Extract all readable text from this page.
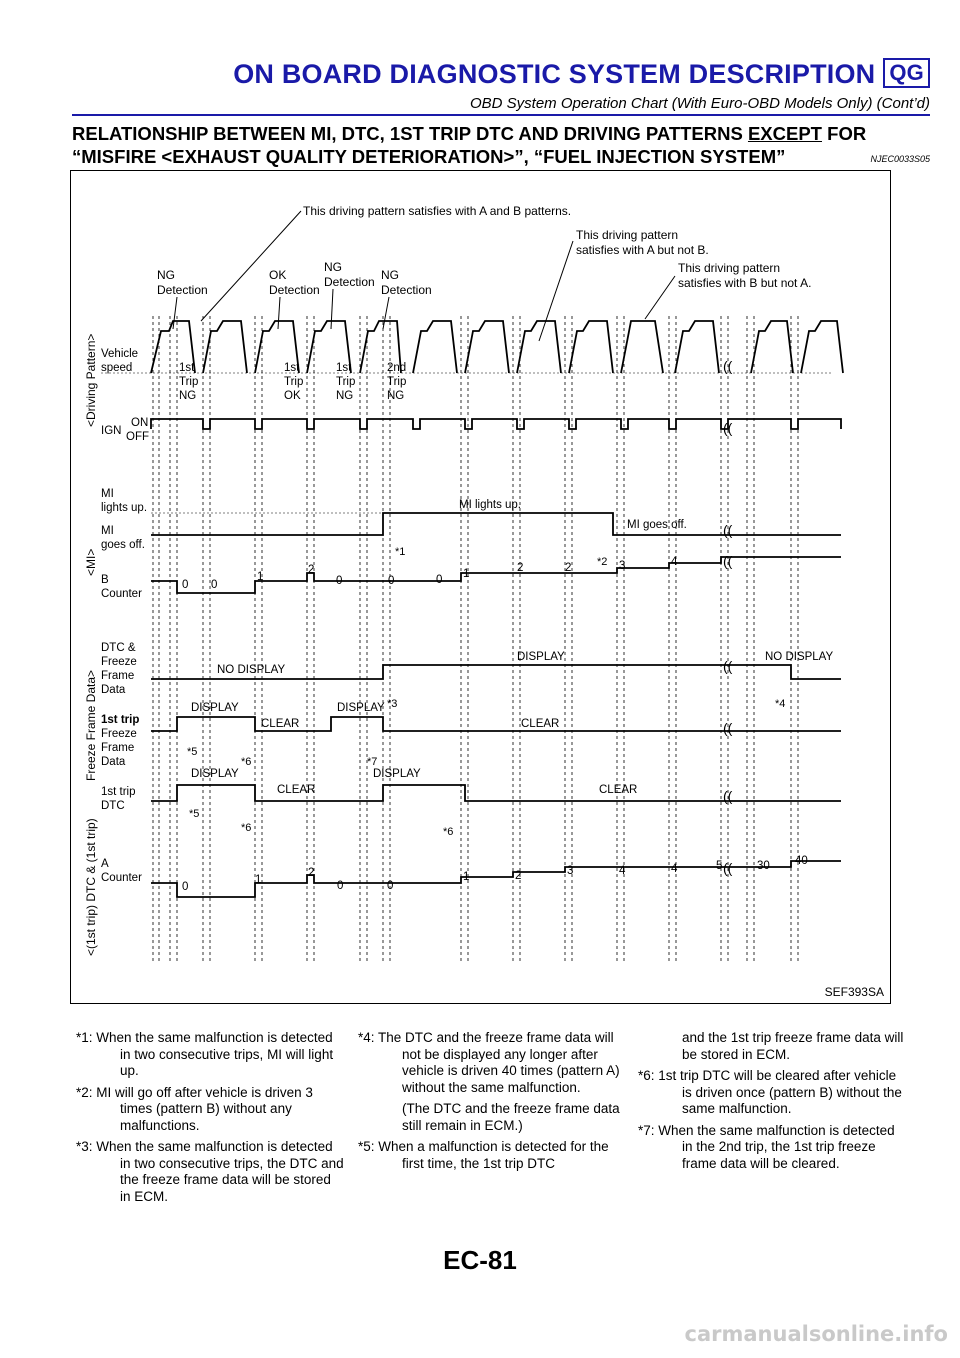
ON BOARD DIAGNOSTIC SYSTEM DESCRIPTION QG
OBD System Operation Chart (With Euro-OBD Models Only) (Cont’d)
RELATIONSHIP BETWEEN MI, DTC, 1ST TRIP DTC AND DRIVING PATTERNS EXCEPT FOR “MISFIRE <EXHAUST QUALITY DETERIORATION>”, “FUEL INJECTION SYSTEM”	NJEC0033S05
This driving pattern satisfies with A and B patterns.
This driving pattern
satisfies with A but not B.
This driving pattern
satisfies with B but not A.
NG
Detection
OK
Detection
NG
Detection NG
Detection
<Driving Pattern>
<MI>
Freeze Frame Data>
<(1st trip) DTC & (1st trip)
Vehicle
speed	1st
Trip
NG
1st
Trip
OK
1st
Trip
NG
2nd
Trip
NG
IGN
ON
OFF
MI
lights up.
MI
goes off.
MI lights up.
MI goes off.
*1
*2
B
Counter
0 0
1
2
0	0	0 1	2	2	3	4
DTC &
Freeze
Frame
Data
NO DISPLAY
DISPLAY	NO DISPLAY
*3	*4
1st trip
Freeze
Frame
Data
DISPLAY
CLEAR
DISPLAY
CLEAR
*5
*6	*7
1st trip
DTC
DISPLAY
CLEAR
DISPLAY
CLEAR
*5
*6	*6
A
Counter
0
1
2
0	0
1	2	3	4	4	5	30 40
((
((
((
((
((
((
((
((
SEF393SA

*1: When the same malfunction is detected in two consecutive trips, MI will light up.

*2: MI will go off after vehicle is driven 3 times (pattern B) without any malfunctions.

*3: When the same malfunction is detected in two consecutive trips, the DTC and the freeze frame data will be stored in ECM.

*4: The DTC and the freeze frame data will not be displayed any longer after vehicle is driven 40 times (pattern A) without the same malfunction.

(The DTC and the freeze frame data still remain in ECM.)

*5: When a malfunction is detected for the first time, the 1st trip DTC

and the 1st trip freeze frame data will be stored in ECM.

*6: 1st trip DTC will be cleared after vehicle is driven once (pattern B) without the same malfunction.

*7: When the same malfunction is detected in the 2nd trip, the 1st trip freeze frame data will be cleared.

EC-81
carmanualsonline.info
